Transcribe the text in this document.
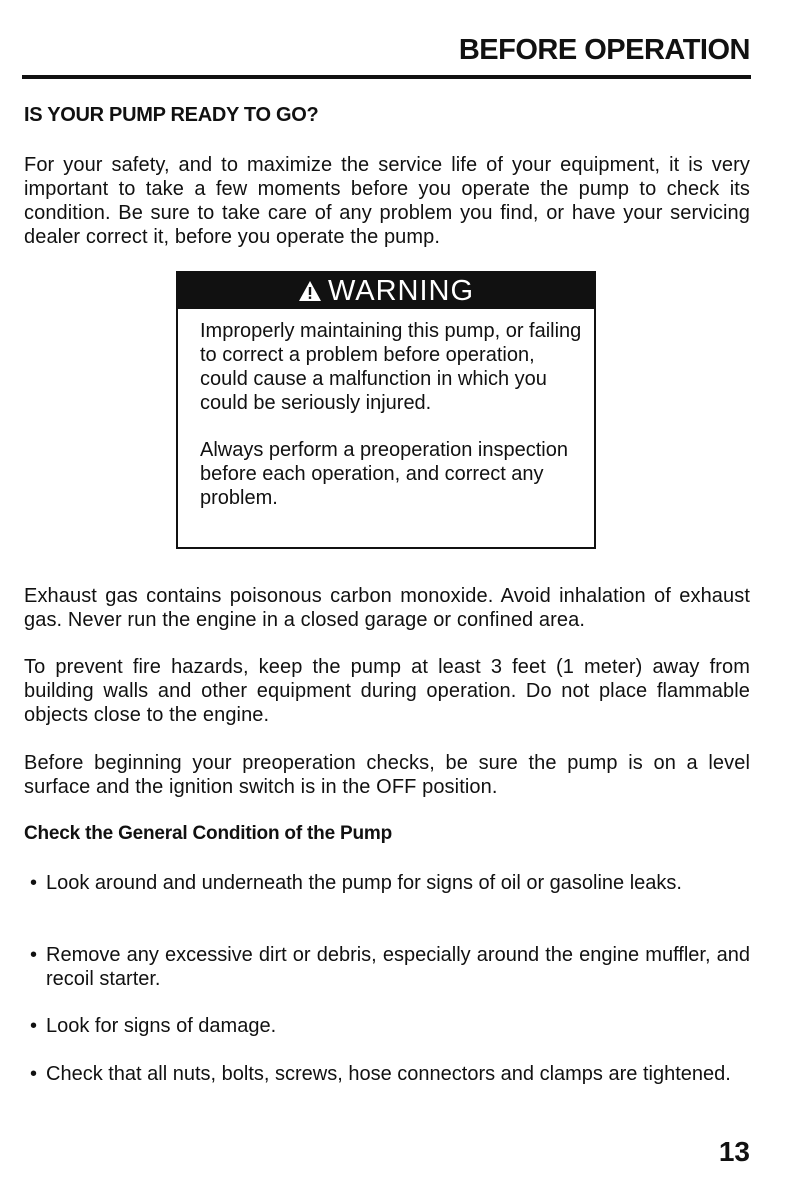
BEFORE OPERATION
IS YOUR PUMP READY TO GO?

For your safety, and to maximize the service life of your equipment, it is very important to take a few moments before you operate the pump to check its condition. Be sure to take care of any problem you find, or have your servicing dealer correct it, before you operate the pump.

WARNING

Improperly maintaining this pump, or failing to correct a problem before operation, could cause a malfunction in which you could be seriously injured.

Always perform a preoperation inspection before each operation, and correct any problem.

Exhaust gas contains poisonous carbon monoxide. Avoid inhalation of exhaust gas. Never run the engine in a closed garage or confined area.

To prevent fire hazards, keep the pump at least 3 feet (1 meter) away from building walls and other equipment during operation. Do not place flammable objects close to the engine.

Before beginning your preoperation checks, be sure the pump is on a level surface and the ignition switch is in the OFF position.

Check the General Condition of the Pump
• Look around and underneath the pump for signs of oil or gasoline leaks.
• Remove any excessive dirt or debris, especially around the engine muffler, and recoil starter.
• Look for signs of damage.
• Check that all nuts, bolts, screws, hose connectors and clamps are tightened.

13
